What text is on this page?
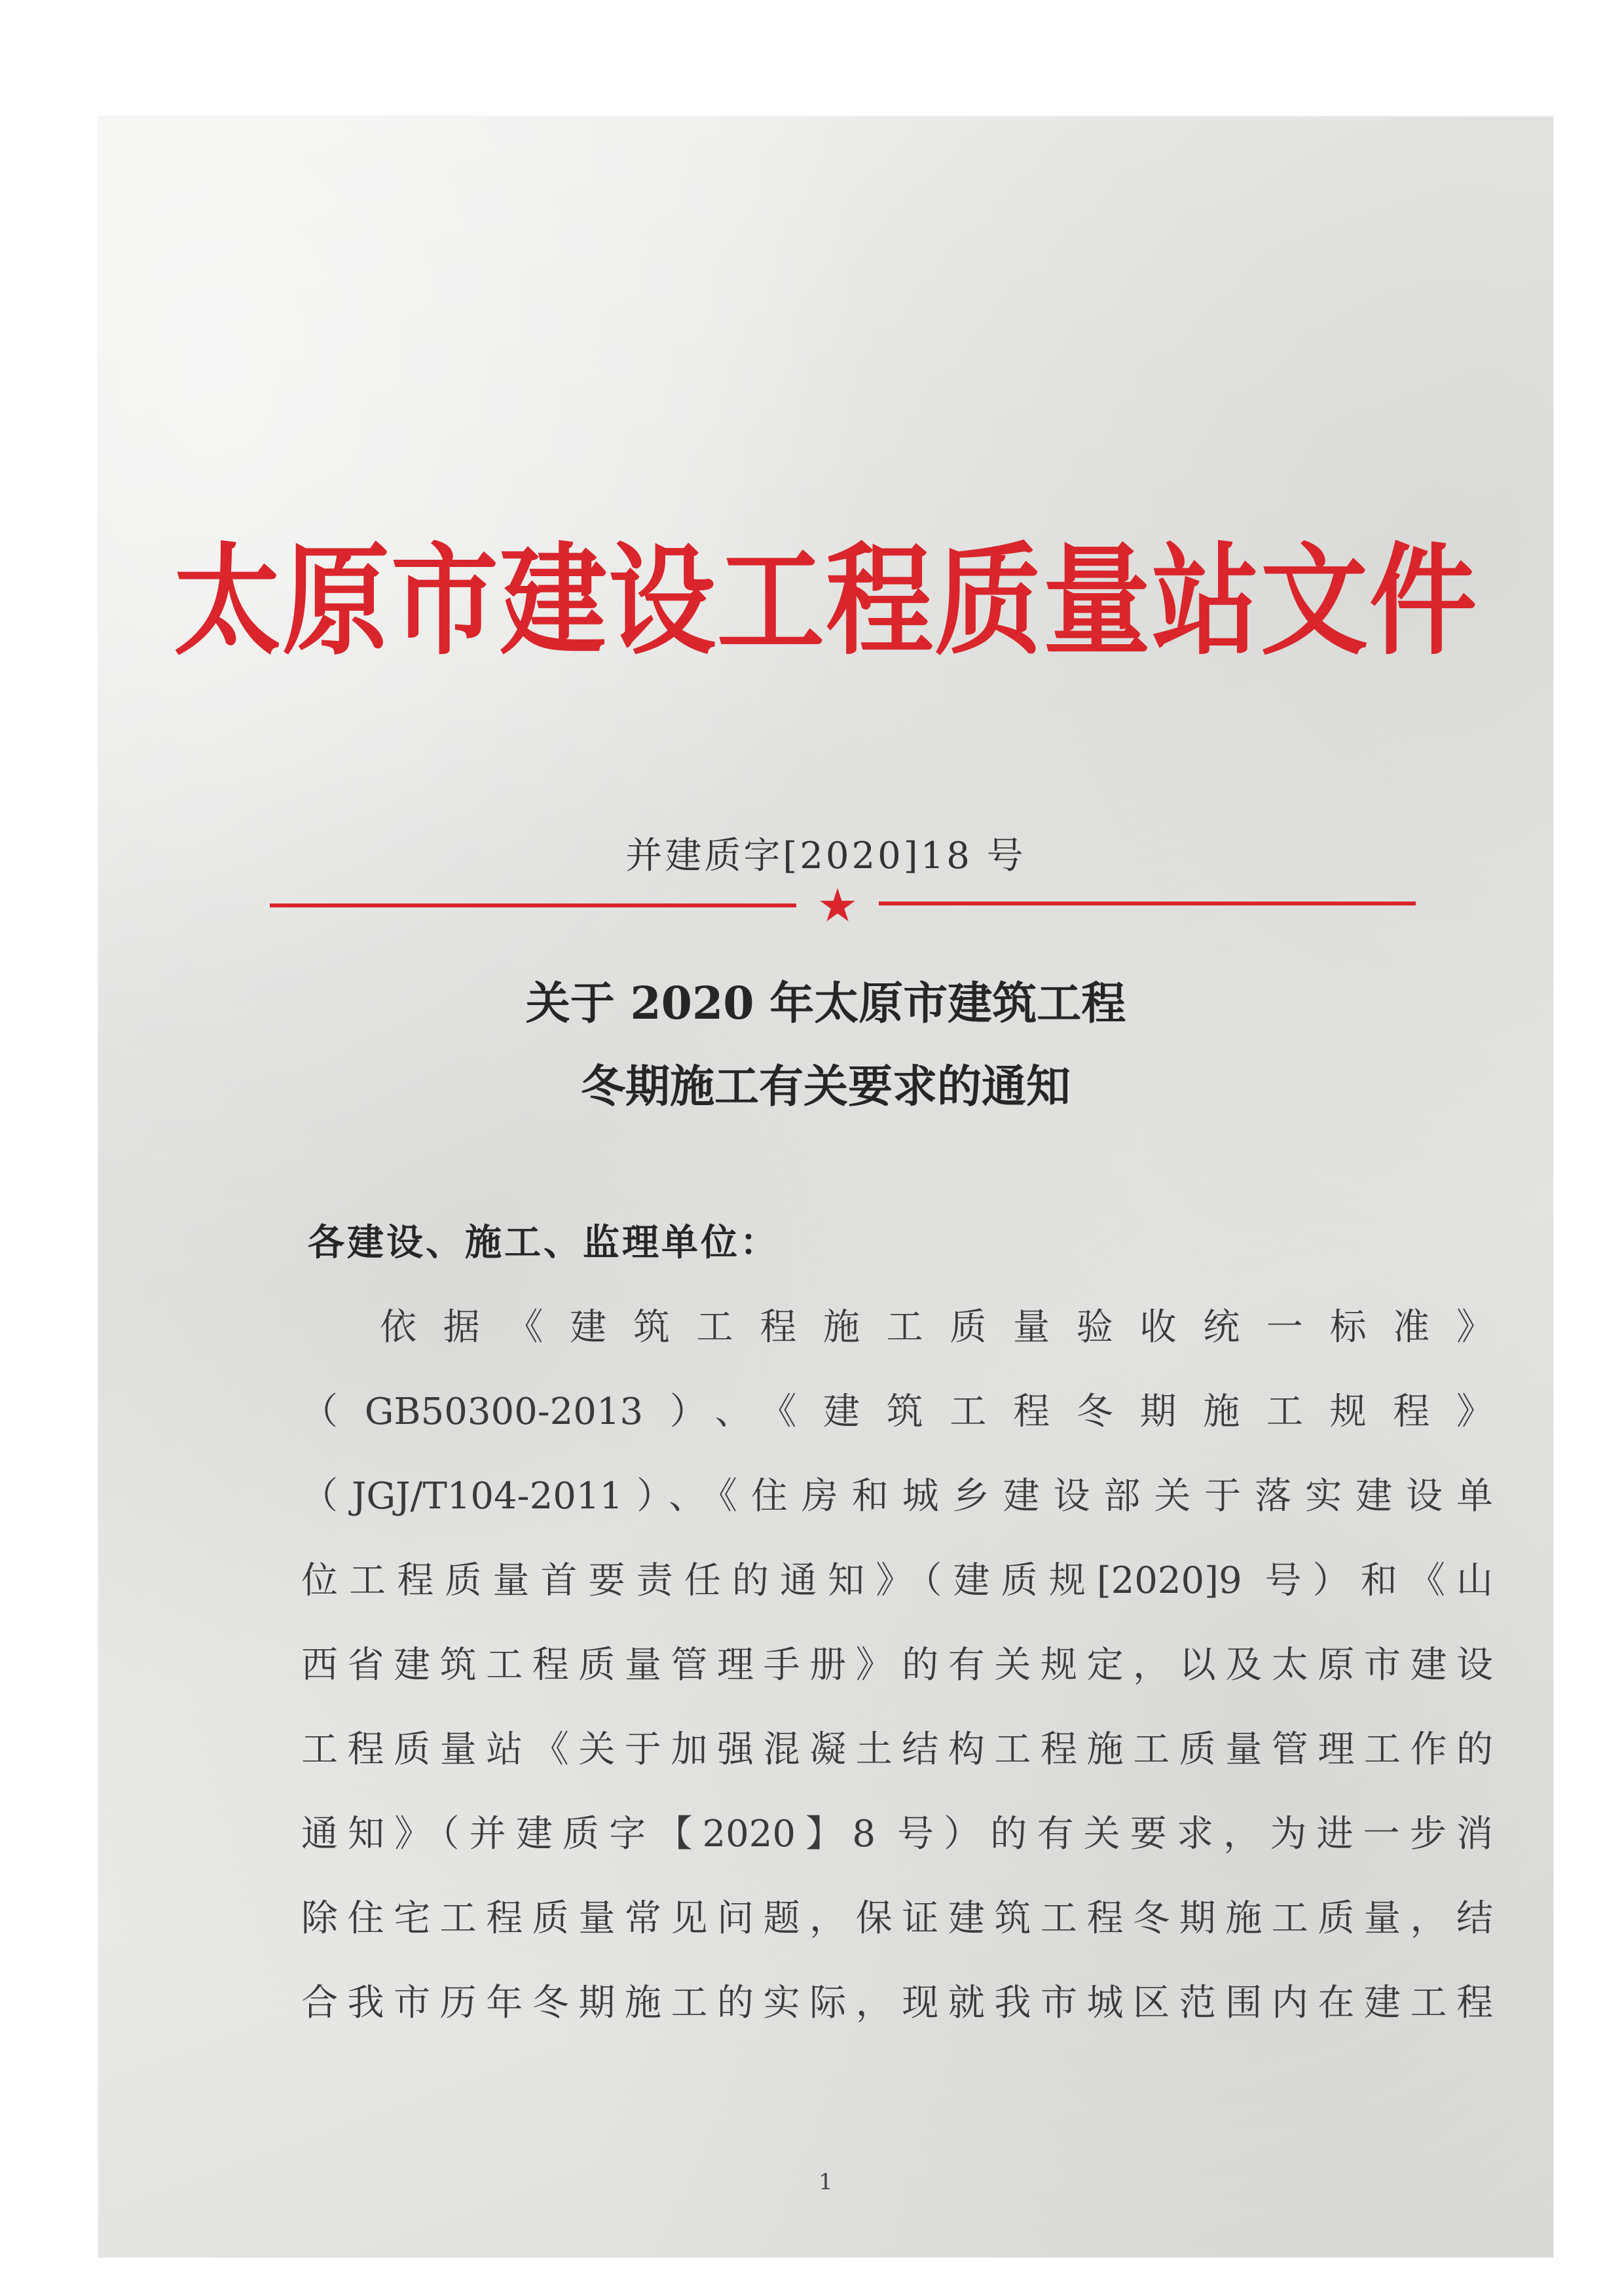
太原市建设工程质量站文件
并建质字[2020]18 号
★
关于 2020 年太原市建筑工程
冬期施工有关要求的通知
各建设、施工、监理单位：
依据《建筑工程施工质量验收统一标准》
（GB50300-2013）、《建筑工程冬期施工规程》
（JGJ/T104-2011）、《住房和城乡建设部关于落实建设单
位工程质量首要责任的通知》（建质规[2020]9 号）和《山
西省建筑工程质量管理手册》的有关规定，以及太原市建设
工程质量站《关于加强混凝土结构工程施工质量管理工作的
通知》（并建质字【2020】8 号）的有关要求，为进一步消
除住宅工程质量常见问题，保证建筑工程冬期施工质量，结
合我市历年冬期施工的实际，现就我市城区范围内在建工程
1
